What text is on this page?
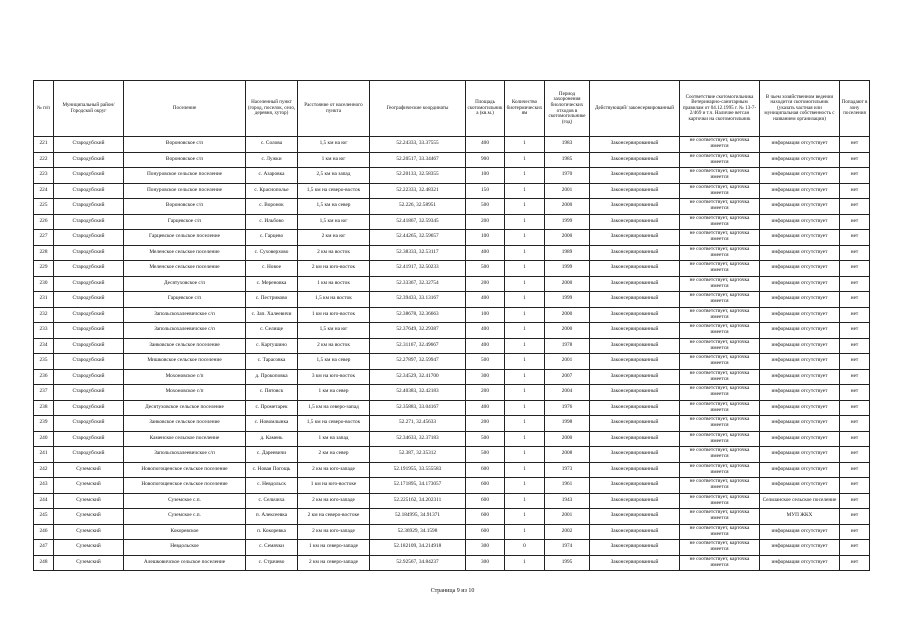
№ п/п	Муниципальный район/Городской округ	Поселение	Населенный пункт (город, поселок, село, деревня, хутор)	Расстояние от населенного пункта	Географические координаты	Площадь скотомогильника (кв.м.)	Количество биотермических ям	Период захоронения биологических отходов в скотомогильнике (год)	Действующий/ законсервированный	Соответствие скотомогильника Ветеринарно-санитарным правилам от 04.12.1995 г. № 13-7-2/469 и т.ч. Наличие ветсан карточки на скотомогильник	В чьем хозяйственном ведении находится скотомогильник (указать частная или муниципальная собственность с названием организации)	Попадают в зону поселения
221	Стародубский	Вороновское с/п	с. Солова	1,5 км на юг	52.24333, 33.37555	400	1	1983	Законсервированный	не соответствует, карточка имеется	информация отсутствует	нет
222	Стародубский	Вороновское с/п	с. Лужки	1 км на юг	52.20517, 33.34467	900	1	1985	Законсервированный	не соответствует, карточка имеется	информация отсутствует	нет
223	Стародубский	Понуровское сельское поселение	с. Азаровка	2,5 км на запад	52.20133, 32.58355	100	1	1970	Законсервированный	не соответствует, карточка имеется	информация отсутствует	нет
224	Стародубский	Понуровское сельское поселение	с. Краснополье	1,5 км на северо-восток	52.22333, 32.48321	150	1	2001	Законсервированный	не соответствует, карточка имеется	информация отсутствует	нет
225	Стародубский	Вороновское с/п	с. Воронок	1,5 км на север	52.226, 32.58951	500	1	2000	Законсервированный	не соответствует, карточка имеется	информация отсутствует	нет
226	Стародубский	Гарцевское с/п	с. Ильбово	1,5 км на юг	52.41867, 32.59345	200	1	1999	Законсервированный	не соответствует, карточка имеется	информация отсутствует	нет
227	Стародубский	Гарцевское сельское поселение	с. Гарцево	2 км на юг	52.44265, 32.59657	100	1	2000	Законсервированный	не соответствует, карточка имеется	информация отсутствует	нет
228	Стародубский	Меленское сельское поселение	с. Суховерхово	2 км на восток	52.38333, 32.53117	400	1	1989	Законсервированный	не соответствует, карточка имеется	информация отсутствует	нет
229	Стародубский	Меленское сельское поселение	с. Новое	2 км на юго-восток	52.41917, 32.50233	500	1	1999	Законсервированный	не соответствует, карточка имеется	информация отсутствует	нет
230	Стародубский	Десятуховское с/п	с. Мереновка	1 км на восток	52.33367, 32.32754	200	1	2000	Законсервированный	не соответствует, карточка имеется	информация отсутствует	нет
231	Стародубский	Гарцевское с/п	с. Пестриково	1,5 км на восток	52.39433, 33.13167	400	1	1999	Законсервированный	не соответствует, карточка имеется	информация отсутствует	нет
232	Стародубский	Запольскохалеевичское с/п	с. Зап. Халеевичи	1 км на юго-восток	52.38678, 32.36663	100	1	2000	Законсервированный	не соответствует, карточка имеется	информация отсутствует	нет
233	Стародубский	Запольскохалеевичское с/п	с. Селище	1,5 км на юг	52.37649, 32.29387	400	1	2000	Законсервированный	не соответствует, карточка имеется	информация отсутствует	нет
234	Стародубский	Занковское сельское поселение	с. Картушино	2 км на восток	52.31167, 32.49667	400	1	1978	Законсервированный	не соответствует, карточка имеется	информация отсутствует	нет
235	Стародубский	Мишковское сельское поселение	с. Тарасовка	1,5 км на север	52.27897, 32.59947	500	1	2001	Законсервированный	не соответствует, карточка имеется	информация отсутствует	нет
236	Стародубский	Мохоновское с/п	д. Прокоповка	3 км на юго-восток	52.34529, 32.41700	300	1	2007	Законсервированный	не соответствует, карточка имеется	информация отсутствует	нет
237	Стародубский	Мохоновское с/п	с. Пятовск	1 км на север	52.40383, 32.42183	200	1	2004	Законсервированный	не соответствует, карточка имеется	информация отсутствует	нет
238	Стародубский	Десятуховское сельское поселение	с. Прометарек	1,5 км на северо-запад	52.35883, 33.04167	400	1	1976	Законсервированный	не соответствует, карточка имеется	информация отсутствует	нет
239	Стародубский	Занковское сельское поселение	с. Новомлынка	1,5 км на северо-восток	52.271, 32.45633	200	1	1998	Законсервированный	не соответствует, карточка имеется	информация отсутствует	нет
240	Стародубский	Каменское сельское поселение	д. Камень	1 км на запад	52.34633, 32.37183	500	1	2000	Законсервированный	не соответствует, карточка имеется	информация отсутствует	нет
241	Стародубский	Запольскохалеевичское с/п	с. Дареевичи	2 км на север	52.387, 32.35312	500	1	2008	Законсервированный	не соответствует, карточка имеется	информация отсутствует	нет
242	Суземский	Новопогощенское сельское поселение	с. Новая Погощь	2 км на юго-западе	52.191955, 33.555583	600	1	1973	Законсервированный	не соответствует, карточка имеется	информация отсутствует	нет
243	Суземский	Новопогощенское сельское поселение	с. Невдольск	1 км на юго-востоке	52.171895, 34.173057	600	1	1961	Законсервированный	не соответствует, карточка имеется	информация отсутствует	нет
244	Суземский	Суземское с.п.	с. Сельчиха	2 км на юго-западе	52.225162, 34.202311	600	1	1943	Законсервированный	не соответствует, карточка имеется	Сельчанское сельское поселение	нет
245	Суземский	Суземское с.п.	п. Алексеевка	2 км на северо-востоке	52.184995, 34.91371	600	1	2001	Законсервированный	не соответствует, карточка имеется	МУП ЖКХ	нет
246	Суземский	Кокоревское	п. Кокоревка	2 км на юго-западе	52.36929, 34.1598	600	1	2002	Законсервированный	не соответствует, карточка имеется	информация отсутствует	нет
247	Суземский	Невдольское	с. Семячки	1 км на северо-западе	52.182109, 34.214918	300	0	1974	Законсервированный	не соответствует, карточка имеется	информация отсутствует	нет
248	Суземский	Алешковичское сельское поселение	с. Страчево	2 км на северо-западе	52.92567, 34.84237	300	1	1995	Законсервированный	не соответствует, карточка имеется	информация отсутствует	нет
Страница 9 из 10
